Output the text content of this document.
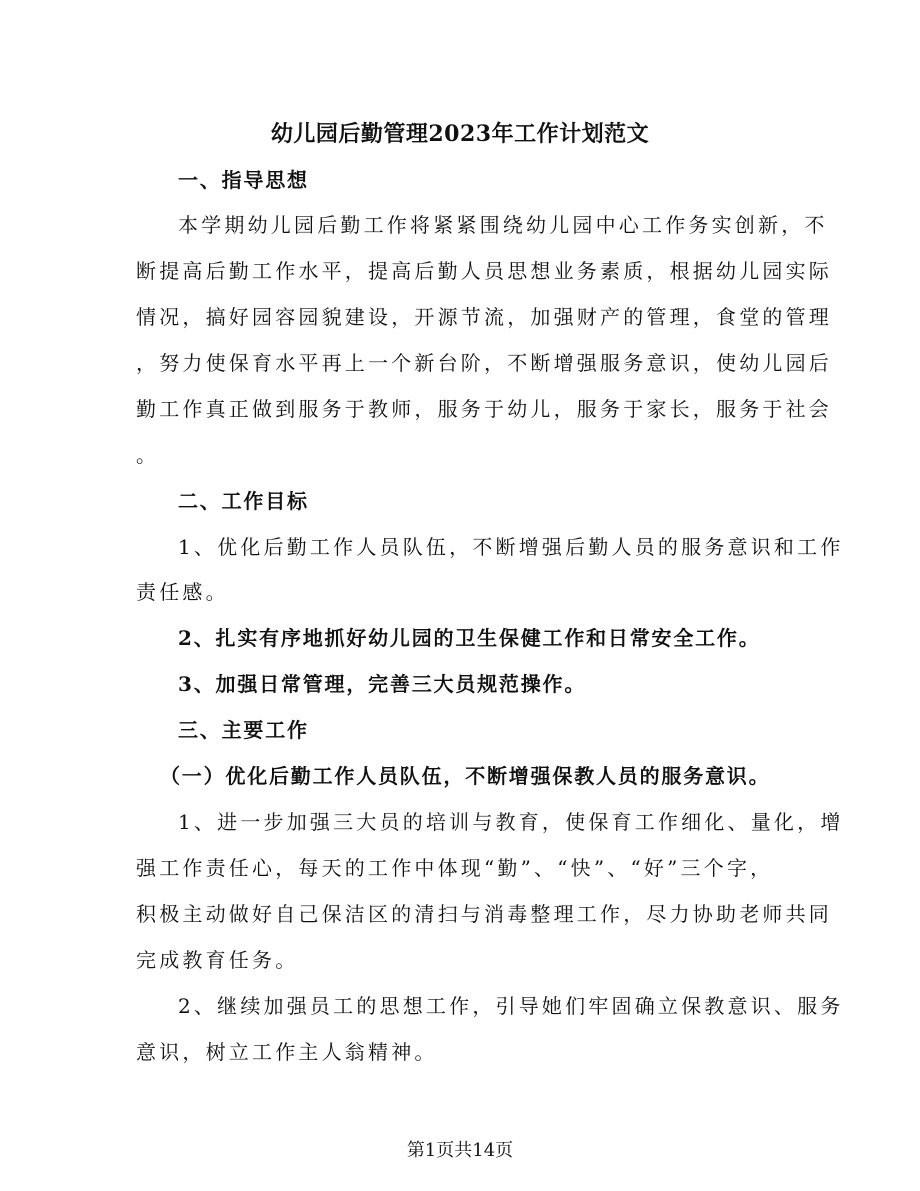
幼儿园后勤管理2023年工作计划范文
一、指导思想
本学期幼儿园后勤工作将紧紧围绕幼儿园中心工作务实创新，不
断提高后勤工作水平，提高后勤人员思想业务素质，根据幼儿园实际
情况，搞好园容园貌建设，开源节流，加强财产的管理，食堂的管理
，努力使保育水平再上一个新台阶，不断增强服务意识，使幼儿园后
勤工作真正做到服务于教师，服务于幼儿，服务于家长，服务于社会
。
二、工作目标
1、优化后勤工作人员队伍，不断增强后勤人员的服务意识和工作
责任感。
2、扎实有序地抓好幼儿园的卫生保健工作和日常安全工作。
3、加强日常管理，完善三大员规范操作。
三、主要工作
（一）优化后勤工作人员队伍，不断增强保教人员的服务意识。
1、进一步加强三大员的培训与教育，使保育工作细化、量化，增
强工作责任心，每天的工作中体现“勤”、“快”、“好”三个字，
积极主动做好自己保洁区的清扫与消毒整理工作，尽力协助老师共同
完成教育任务。
2、继续加强员工的思想工作，引导她们牢固确立保教意识、服务
意识，树立工作主人翁精神。
第1页共14页
